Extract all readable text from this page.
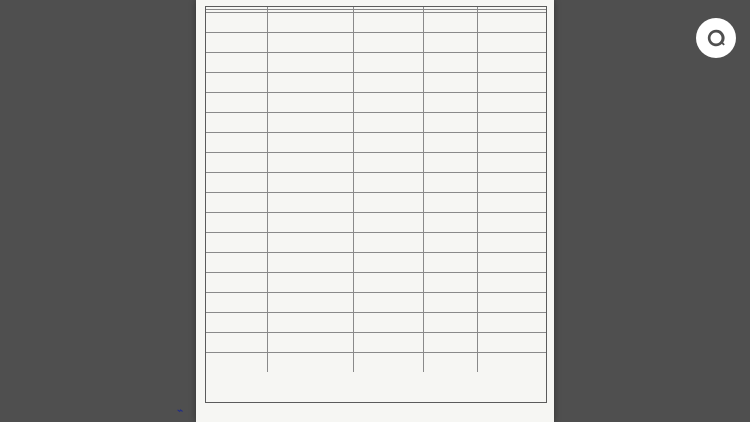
⌁
